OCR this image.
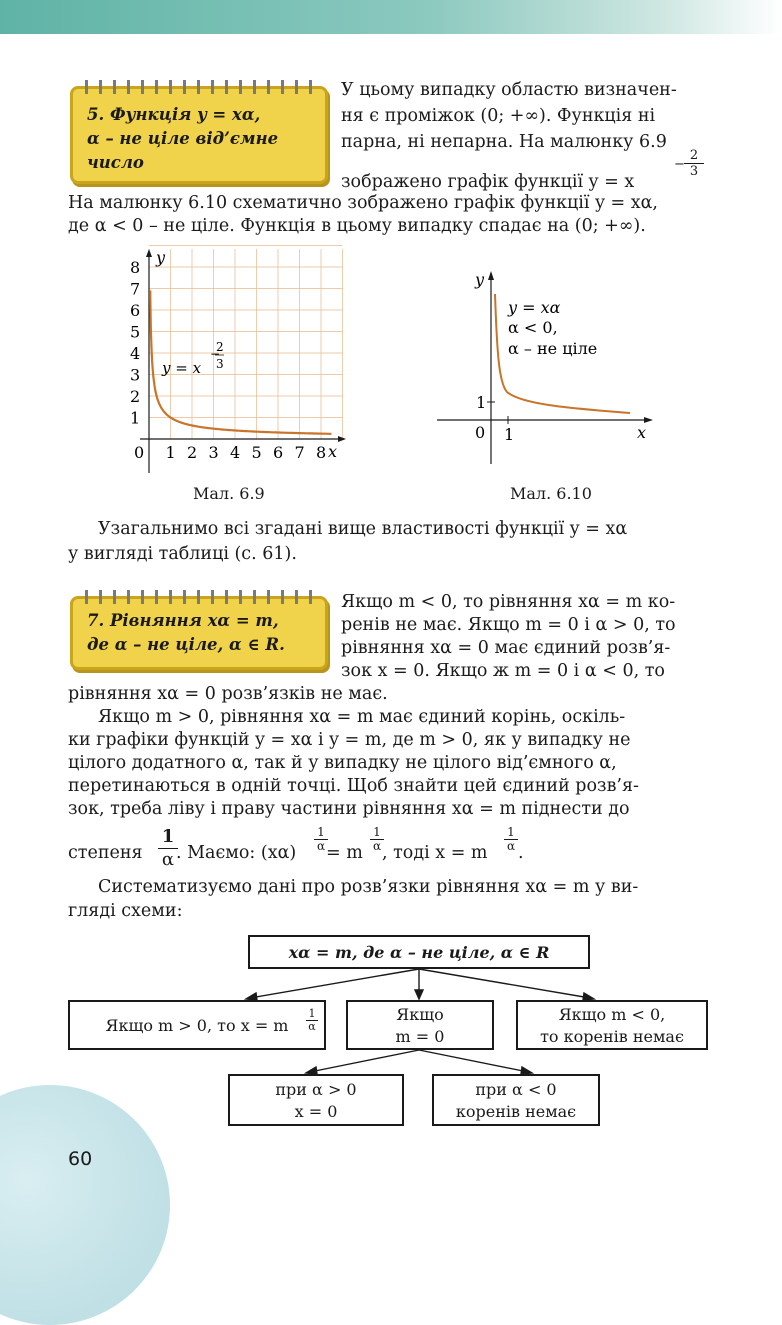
5. Функція y = xα,
α – не ціле від’ємне
число
У цьому випадку областю визначен-
ня є проміжок (0; +∞). Функція ні
парна, ні непарна. На малюнку 6.9
зображено графік функції y = x
−
2
3
На малюнку 6.10 схематично зображено графік функції y = xα,
де α < 0 – не ціле. Функція в цьому випадку спадає на (0; +∞).
1 2 3 4 5 6 7 8
1
2
3
4
5
6
7
8
y
x
0
y = x
−
2
3
Мал. 6.9
y
x
0 1
1
y = xα
α < 0,
α – не ціле
Мал. 6.10
Узагальнимо всі згадані вище властивості функції y = xα
у вигляді таблиці (с. 61).
7. Рівняння xα = m,
де α – не ціле, α ∈ R.
Якщо m < 0, то рівняння xα = m ко-
ренів не має. Якщо m = 0 і α > 0, то
рівняння xα = 0 має єдиний розв’я-
зок x = 0. Якщо ж m = 0 і α < 0, то
рівняння xα = 0 розв’язків не має.
Якщо m > 0, рівняння xα = m має єдиний корінь, оскіль-
ки графіки функцій y = xα і y = m, де m > 0, як у випадку не
цілого додатного α, так й у випадку не цілого від’ємного α,
перетинаються в одній точці. Щоб знайти цей єдиний розв’я-
зок, треба ліву і праву частини рівняння xα = m піднести до
степеня
1
α . Маємо: (xα)
1
α = m
1
α , тоді x = m
1
α .
Систематизуємо дані про розв’язки рівняння xα = m у ви-
гляді схеми:
xα = m, де α – не ціле, α ∈ R
Якщо m > 0, то x = m
1
α
Якщо
m = 0
Якщо m < 0,
то коренів немає
при α > 0
x = 0
при α < 0
коренів немає
60
